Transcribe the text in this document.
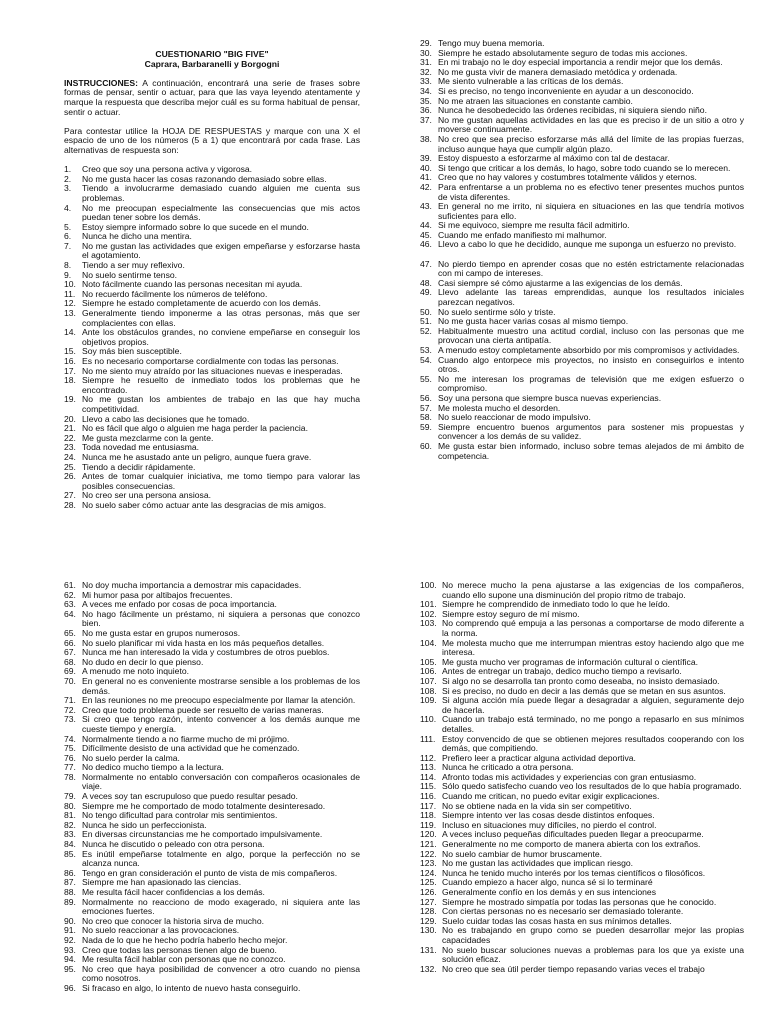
CUESTIONARIO "BIG FIVE"
Caprara, Barbaranelli y Borgogni

INSTRUCCIONES: A continuación, encontrará una serie de frases sobre formas de pensar, sentir o actuar, para que las vaya leyendo atentamente y marque la respuesta que describa mejor cuál es su forma habitual de pensar, sentir o actuar.

Para contestar utilice la HOJA DE RESPUESTAS y marque con una X el espacio de uno de los números (5 a 1) que encontrará por cada frase. Las alternativas de respuesta son:

1.	Creo que soy una persona activa y vigorosa.
2.	No me gusta hacer las cosas razonando demasiado sobre ellas.
3.	Tiendo a involucrarme demasiado cuando alguien me cuenta sus problemas.
4.	No me preocupan especialmente las consecuencias que mis actos puedan tener sobre los demás.
5.	Estoy siempre informado sobre lo que sucede en el mundo.
6.	Nunca he dicho una mentira.
7.	No me gustan las actividades que exigen empeñarse y esforzarse hasta el agotamiento.
8.	Tiendo a ser muy reflexivo.
9.	No suelo sentirme tenso.
10. Noto fácilmente cuando las personas necesitan mi ayuda.
11. No recuerdo fácilmente los números de teléfono.
12. Siempre he estado completamente de acuerdo con los demás.
13. Generalmente tiendo imponerme a las otras personas, más que ser complacientes con ellas.
14. Ante los obstáculos grandes, no conviene empeñarse en conseguir los objetivos propios.
15. Soy más bien susceptible.
16. Es no necesario comportarse cordialmente con todas las personas.
17. No me siento muy atraído por las situaciones nuevas e inesperadas.
18. Siempre he resuelto de inmediato todos los problemas que he encontrado.
19. No me gustan los ambientes de trabajo en las que hay mucha competitividad.
20. Llevo a cabo las decisiones que he tomado.
21. No es fácil que algo o alguien me haga perder la paciencia.
22. Me gusta mezclarme con la gente.
23. Toda novedad me entusiasma.
24. Nunca me he asustado ante un peligro, aunque fuera grave.
25. Tiendo a decidir rápidamente.
26. Antes de tomar cualquier iniciativa, me tomo tiempo para valorar las posibles consecuencias.
27. No creo ser una persona ansiosa.
28. No suelo saber cómo actuar ante las desgracias de mis amigos.
29. Tengo muy buena memoria.
30. Siempre he estado absolutamente seguro de todas mis acciones.
31. En mi trabajo no le doy especial importancia a rendir mejor que los demás.
32. No me gusta vivir de manera demasiado metódica y ordenada.
33. Me siento vulnerable a las críticas de los demás.
34. Si es preciso, no tengo inconveniente en ayudar a un desconocido.
35. No me atraen las situaciones en constante cambio.
36. Nunca he desobedecido las órdenes recibidas, ni siquiera siendo niño.
37. No me gustan aquellas actividades en las que es preciso ir de un sitio a otro y moverse continuamente.
38. No creo que sea preciso esforzarse más allá del límite de las propias fuerzas, incluso aunque haya que cumplir algún plazo.
39. Estoy dispuesto a esforzarme al máximo con tal de destacar.
40. Si tengo que criticar a los demás, lo hago, sobre todo cuando se lo merecen.
41. Creo que no hay valores y costumbres totalmente válidos y eternos.
42. Para enfrentarse a un problema no es efectivo tener presentes muchos puntos de vista diferentes.
43. En general no me irrito, ni siquiera en situaciones en las que tendría motivos suficientes para ello.
44. Si me equivoco, siempre me resulta fácil admitirlo.
45. Cuando me enfado manifiesto mi malhumor.
46. Llevo a cabo lo que he decidido, aunque me suponga un esfuerzo no previsto.
47. No pierdo tiempo en aprender cosas que no estén estrictamente relacionadas con mi campo de intereses.
48. Casi siempre sé cómo ajustarme a las exigencias de los demás.
49. Llevo adelante las tareas emprendidas, aunque los resultados iniciales parezcan negativos.
50. No suelo sentirme sólo y triste.
51. No me gusta hacer varias cosas al mismo tiempo.
52. Habitualmente muestro una actitud cordial, incluso con las personas que me provocan una cierta antipatía.
53. A menudo estoy completamente absorbido por mis compromisos y actividades.
54. Cuando algo entorpece mis proyectos, no insisto en conseguirlos e intento otros.
55. No me interesan los programas de televisión que me exigen esfuerzo o compromiso.
56. Soy una persona que siempre busca nuevas experiencias.
57. Me molesta mucho el desorden.
58. No suelo reaccionar de modo impulsivo.
59. Siempre encuentro buenos argumentos para sostener mis propuestas y convencer a los demás de su validez.
60. Me gusta estar bien informado, incluso sobre temas alejados de mi ámbito de competencia.
61. No doy mucha importancia a demostrar mis capacidades.
62. Mi humor pasa por altibajos frecuentes.
63. A veces me enfado por cosas de poca importancia.
64. No hago fácilmente un préstamo, ni siquiera a personas que conozco bien.
65. No me gusta estar en grupos numerosos.
66. No suelo planificar mi vida hasta en los más pequeños detalles.
67. Nunca me han interesado la vida y costumbres de otros pueblos.
68. No dudo en decir lo que pienso.
69. A menudo me noto inquieto.
70. En general no es conveniente mostrarse sensible a los problemas de los demás.
71. En las reuniones no me preocupo especialmente por llamar la atención.
72. Creo que todo problema puede ser resuelto de varias maneras.
73. Si creo que tengo razón, intento convencer a los demás aunque me cueste tiempo y energía.
74. Normalmente tiendo a no fiarme mucho de mi prójimo.
75. Difícilmente desisto de una actividad que he comenzado.
76. No suelo perder la calma.
77. No dedico mucho tiempo a la lectura.
78. Normalmente no entablo conversación con compañeros ocasionales de viaje.
79. A veces soy tan escrupuloso que puedo resultar pesado.
80. Siempre me he comportado de modo totalmente desinteresado.
81. No tengo dificultad para controlar mis sentimientos.
82. Nunca he sido un perfeccionista.
83. En diversas circunstancias me he comportado impulsivamente.
84. Nunca he discutido o peleado con otra persona.
85. Es inútil empeñarse totalmente en algo, porque la perfección no se alcanza nunca.
86. Tengo en gran consideración el punto de vista de mis compañeros.
87. Siempre me han apasionado las ciencias.
88. Me resulta fácil hacer confidencias a los demás.
89. Normalmente no reacciono de modo exagerado, ni siquiera ante las emociones fuertes.
90. No creo que conocer la historia sirva de mucho.
91. No suelo reaccionar a las provocaciones.
92. Nada de lo que he hecho podría haberlo hecho mejor.
93. Creo que todas las personas tienen algo de bueno.
94. Me resulta fácil hablar con personas que no conozco.
95. No creo que haya posibilidad de convencer a otro cuando no piensa como nosotros.
96. Si fracaso en algo, lo intento de nuevo hasta conseguirlo.
100. No merece mucho la pena ajustarse a las exigencias de los compañeros, cuando ello supone una disminución del propio ritmo de trabajo.
101. Siempre he comprendido de inmediato todo lo que he leído.
102. Siempre estoy seguro de mí mismo.
103. No comprendo qué empuja a las personas a comportarse de modo diferente a la norma.
104. Me molesta mucho que me interrumpan mientras estoy haciendo algo que me interesa.
105. Me gusta mucho ver programas de información cultural o científica.
106. Antes de entregar un trabajo, dedico mucho tiempo a revisarlo.
107. Si algo no se desarrolla tan pronto como deseaba, no insisto demasiado.
108. Si es preciso, no dudo en decir a las demás que se metan en sus asuntos.
109. Si alguna acción mía puede llegar a desagradar a alguien, seguramente dejo de hacerla.
110. Cuando un trabajo está terminado, no me pongo a repasarlo en sus mínimos detalles.
111. Estoy convencido de que se obtienen mejores resultados cooperando con los demás, que compitiendo.
112. Prefiero leer a practicar alguna actividad deportiva.
113. Nunca he criticado a otra persona.
114. Afronto todas mis actividades y experiencias con gran entusiasmo.
115. Sólo quedo satisfecho cuando veo los resultados de lo que había programado.
116. Cuando me critican, no puedo evitar exigir explicaciones.
117. No se obtiene nada en la vida sin ser competitivo.
118. Siempre intento ver las cosas desde distintos enfoques.
119. Incluso en situaciones muy difíciles, no pierdo el control.
120. A veces incluso pequeñas dificultades pueden llegar a preocuparme.
121. Generalmente no me comporto de manera abierta con los extraños.
122. No suelo cambiar de humor bruscamente.
123. No me gustan las actividades que implican riesgo.
124. Nunca he tenido mucho interés por los temas científicos o filosóficos.
125. Cuando empiezo a hacer algo, nunca sé si lo terminaré
126. Generalmente confío en los demás y en sus intenciones
127. Siempre he mostrado simpatía por todas las personas que he conocido.
128. Con ciertas personas no es necesario ser demasiado tolerante.
129. Suelo cuidar todas las cosas hasta en sus mínimos detalles.
130. No es trabajando en grupo como se pueden desarrollar mejor las propias capacidades
131. No suelo buscar soluciones nuevas a problemas para los que ya existe una solución eficaz.
132. No creo que sea útil perder tiempo repasando varias veces el trabajo
